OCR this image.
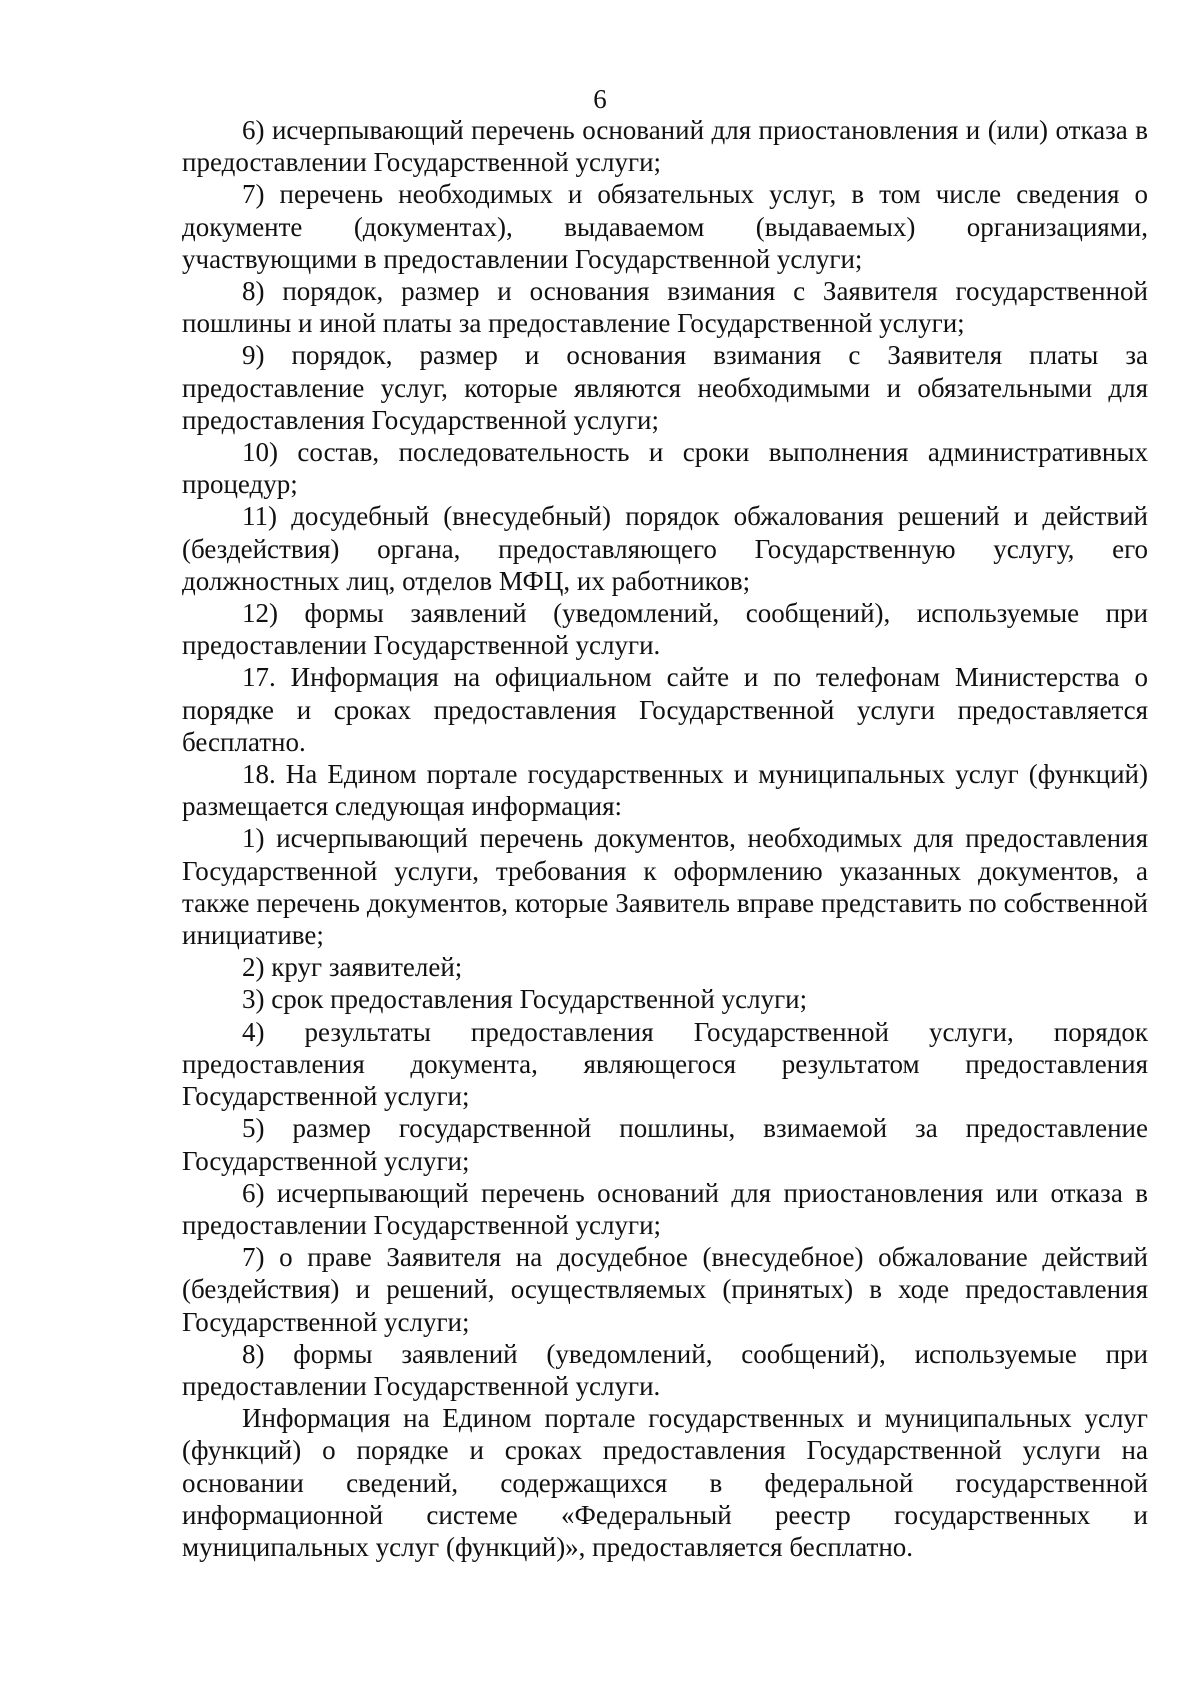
6

6) исчерпывающий перечень оснований для приостановления и (или) отказа в предоставлении Государственной услуги;

7) перечень необходимых и обязательных услуг, в том числе сведения о документе (документах), выдаваемом (выдаваемых) организациями, участвующими в предоставлении Государственной услуги;

8) порядок, размер и основания взимания с Заявителя государственной пошлины и иной платы за предоставление Государственной услуги;

9) порядок, размер и основания взимания с Заявителя платы за предоставление услуг, которые являются необходимыми и обязательными для предоставления Государственной услуги;

10) состав, последовательность и сроки выполнения административных процедур;

11) досудебный (внесудебный) порядок обжалования решений и действий (бездействия) органа, предоставляющего Государственную услугу, его должностных лиц, отделов МФЦ, их работников;

12) формы заявлений (уведомлений, сообщений), используемые при предоставлении Государственной услуги.

17. Информация на официальном сайте и по телефонам Министерства о порядке и сроках предоставления Государственной услуги предоставляется бесплатно.

18. На Едином портале государственных и муниципальных услуг (функций) размещается следующая информация:

1) исчерпывающий перечень документов, необходимых для предоставления Государственной услуги, требования к оформлению указанных документов, а также перечень документов, которые Заявитель вправе представить по собственной инициативе;

2) круг заявителей;

3) срок предоставления Государственной услуги;

4) результаты предоставления Государственной услуги, порядок предоставления документа, являющегося результатом предоставления Государственной услуги;

5) размер государственной пошлины, взимаемой за предоставление Государственной услуги;

6) исчерпывающий перечень оснований для приостановления или отказа в предоставлении Государственной услуги;

7) о праве Заявителя на досудебное (внесудебное) обжалование действий (бездействия) и решений, осуществляемых (принятых) в ходе предоставления Государственной услуги;

8) формы заявлений (уведомлений, сообщений), используемые при предоставлении Государственной услуги.

Информация на Едином портале государственных и муниципальных услуг (функций) о порядке и сроках предоставления Государственной услуги на основании сведений, содержащихся в федеральной государственной информационной системе «Федеральный реестр государственных и муниципальных услуг (функций)», предоставляется бесплатно.
